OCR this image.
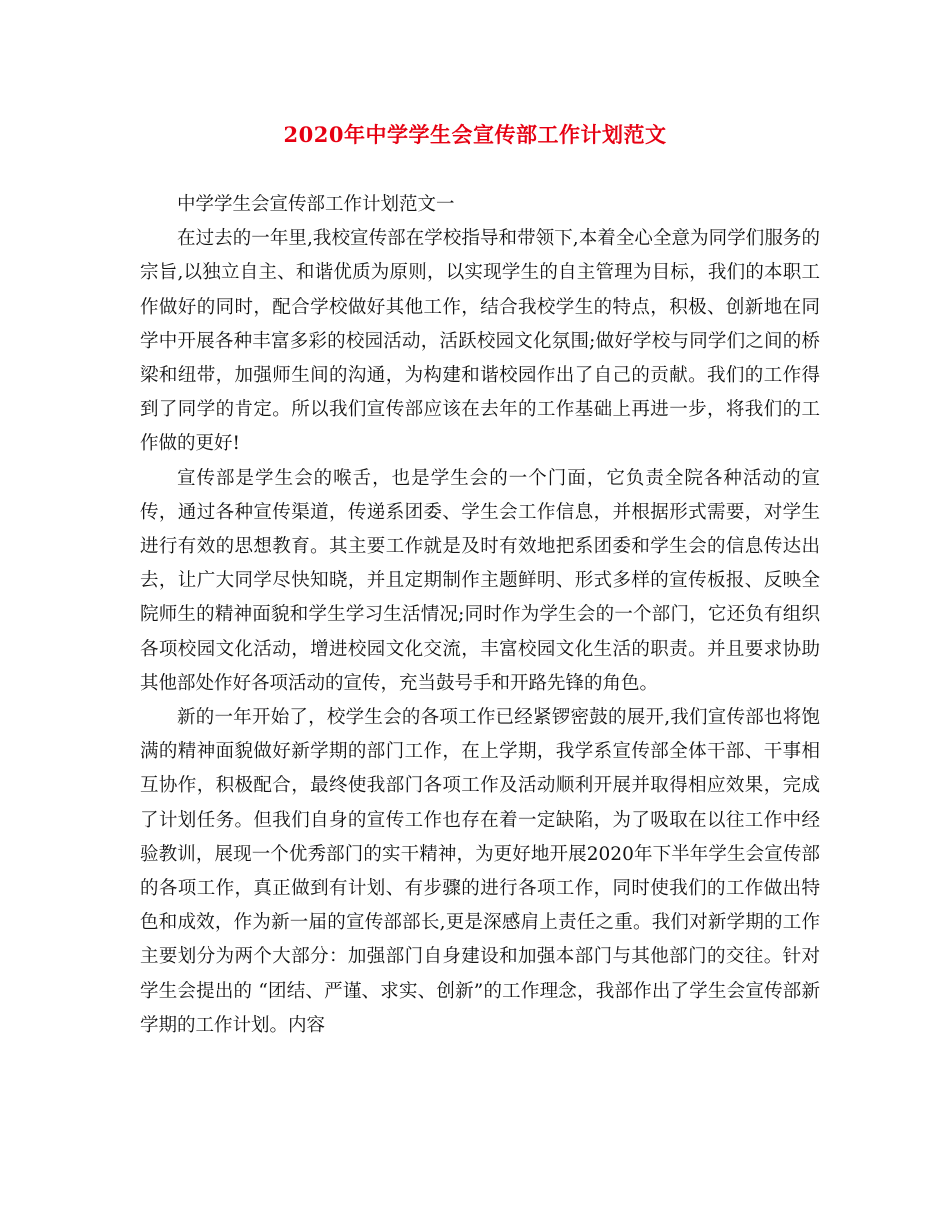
2020年中学学生会宣传部工作计划范文

中学学生会宣传部工作计划范文一

在过去的一年里,我校宣传部在学校指导和带领下,本着全心全意为同学们服务的宗旨,以独立自主、和谐优质为原则，以实现学生的自主管理为目标，我们的本职工作做好的同时，配合学校做好其他工作，结合我校学生的特点，积极、创新地在同学中开展各种丰富多彩的校园活动，活跃校园文化氛围;做好学校与同学们之间的桥梁和纽带，加强师生间的沟通，为构建和谐校园作出了自己的贡献。我们的工作得到了同学的肯定。所以我们宣传部应该在去年的工作基础上再进一步，将我们的工作做的更好!

宣传部是学生会的喉舌，也是学生会的一个门面，它负责全院各种活动的宣传，通过各种宣传渠道，传递系团委、学生会工作信息，并根据形式需要，对学生进行有效的思想教育。其主要工作就是及时有效地把系团委和学生会的信息传达出去，让广大同学尽快知晓，并且定期制作主题鲜明、形式多样的宣传板报、反映全院师生的精神面貌和学生学习生活情况;同时作为学生会的一个部门，它还负有组织各项校园文化活动，增进校园文化交流，丰富校园文化生活的职责。并且要求协助其他部处作好各项活动的宣传，充当鼓号手和开路先锋的角色。

新的一年开始了，校学生会的各项工作已经紧锣密鼓的展开,我们宣传部也将饱满的精神面貌做好新学期的部门工作，在上学期，我学系宣传部全体干部、干事相互协作，积极配合，最终使我部门各项工作及活动顺利开展并取得相应效果，完成了计划任务。但我们自身的宣传工作也存在着一定缺陷，为了吸取在以往工作中经验教训，展现一个优秀部门的实干精神，为更好地开展2020年下半年学生会宣传部的各项工作，真正做到有计划、有步骤的进行各项工作，同时使我们的工作做出特色和成效，作为新一届的宣传部部长,更是深感肩上责任之重。我们对新学期的工作主要划分为两个大部分：加强部门自身建设和加强本部门与其他部门的交往。针对学生会提出的 “团结、严谨、求实、创新”的工作理念，我部作出了学生会宣传部新学期的工作计划。内容
